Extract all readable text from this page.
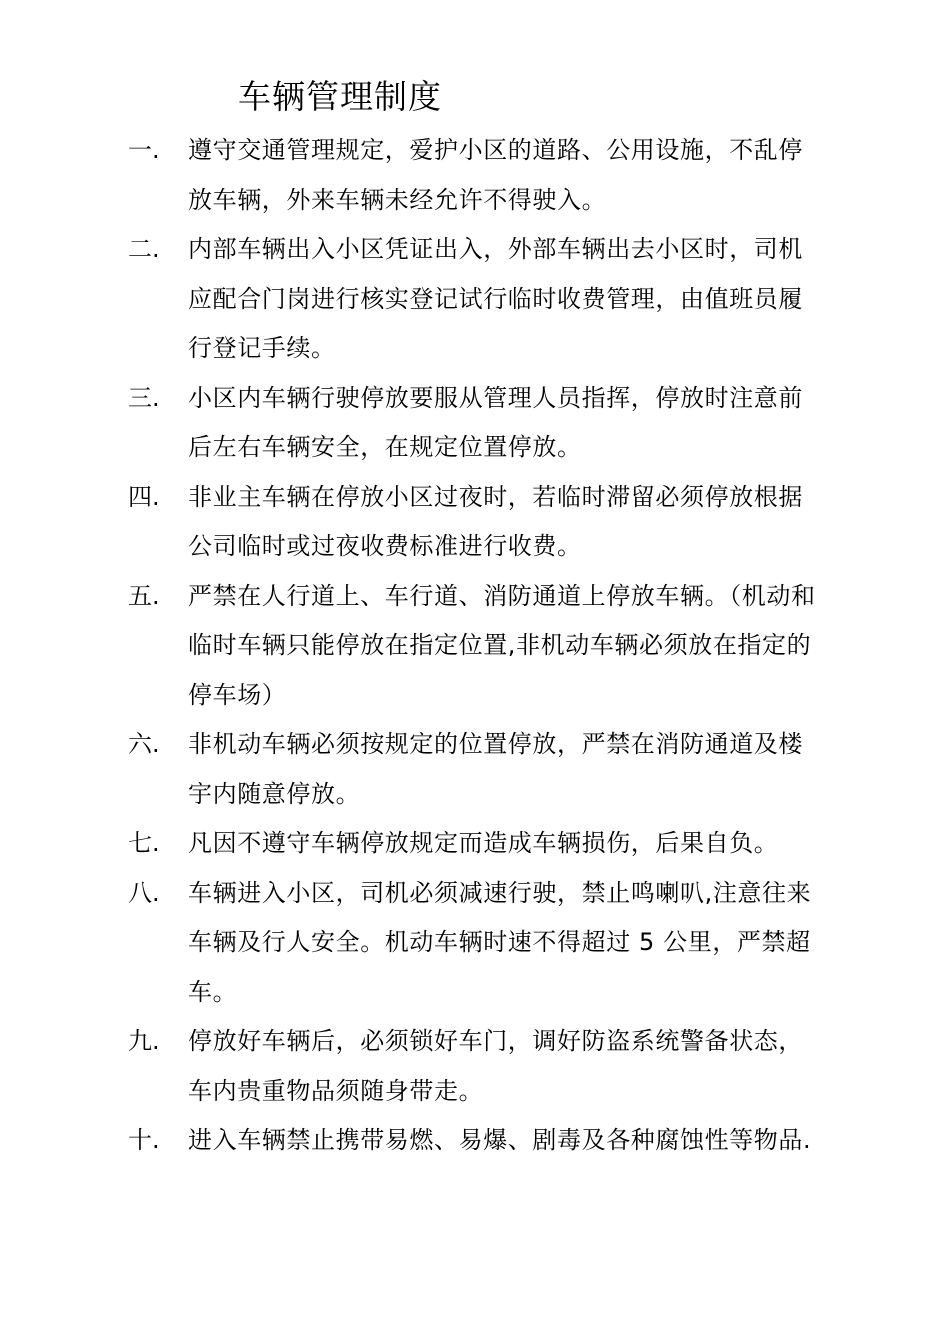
车辆管理制度
一. 遵守交通管理规定，爱护小区的道路、公用设施，不乱停放车辆，外来车辆未经允许不得驶入。
二. 内部车辆出入小区凭证出入，外部车辆出去小区时，司机应配合门岗进行核实登记试行临时收费管理，由值班员履行登记手续。
三. 小区内车辆行驶停放要服从管理人员指挥，停放时注意前后左右车辆安全，在规定位置停放。
四. 非业主车辆在停放小区过夜时，若临时滞留必须停放根据公司临时或过夜收费标准进行收费。
五. 严禁在人行道上、车行道、消防通道上停放车辆。（机动和临时车辆只能停放在指定位置,非机动车辆必须放在指定的停车场）
六. 非机动车辆必须按规定的位置停放，严禁在消防通道及楼宇内随意停放。
七. 凡因不遵守车辆停放规定而造成车辆损伤，后果自负。
八. 车辆进入小区，司机必须减速行驶，禁止鸣喇叭,注意往来车辆及行人安全。机动车辆时速不得超过 5 公里，严禁超车。
九. 停放好车辆后，必须锁好车门，调好防盗系统警备状态，车内贵重物品须随身带走。
十. 进入车辆禁止携带易燃、易爆、剧毒及各种腐蚀性等物品.
